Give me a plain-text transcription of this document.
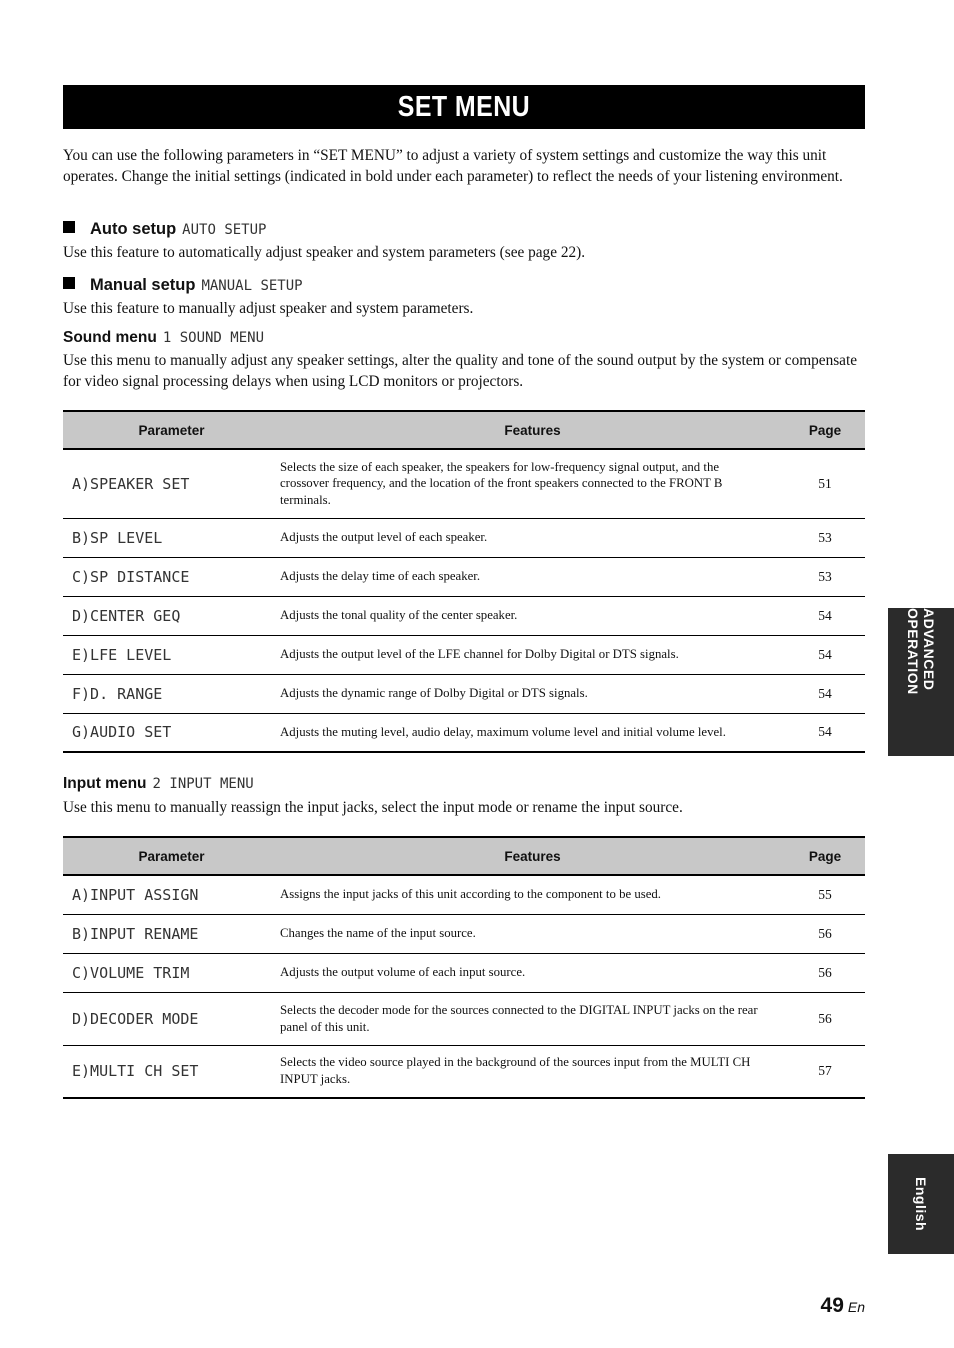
SET MENU

You can use the following parameters in “SET MENU” to adjust a variety of system settings and customize the way this unit operates. Change the initial settings (indicated in bold under each parameter) to reflect the needs of your listening environment.

Auto setup AUTO SETUP

Use this feature to automatically adjust speaker and system parameters (see page 22).

Manual setup MANUAL SETUP

Use this feature to manually adjust speaker and system parameters.

Sound menu 1 SOUND MENU

Use this menu to manually adjust any speaker settings, alter the quality and tone of the sound output by the system or compensate for video signal processing delays when using LCD monitors or projectors.

Parameter	Features	Page
A)SPEAKER SET	Selects the size of each speaker, the speakers for low-frequency signal output, and the crossover frequency, and the location of the front speakers connected to the FRONT B terminals.	51
B)SP LEVEL	Adjusts the output level of each speaker.	53
C)SP DISTANCE	Adjusts the delay time of each speaker.	53
D)CENTER GEQ	Adjusts the tonal quality of the center speaker.	54
E)LFE LEVEL	Adjusts the output level of the LFE channel for Dolby Digital or DTS signals.	54
F)D. RANGE	Adjusts the dynamic range of Dolby Digital or DTS signals.	54
G)AUDIO SET	Adjusts the muting level, audio delay, maximum volume level and initial volume level.	54
Input menu 2 INPUT MENU

Use this menu to manually reassign the input jacks, select the input mode or rename the input source.

Parameter	Features	Page
A)INPUT ASSIGN	Assigns the input jacks of this unit according to the component to be used.	55
B)INPUT RENAME	Changes the name of the input source.	56
C)VOLUME TRIM	Adjusts the output volume of each input source.	56
D)DECODER MODE	Selects the decoder mode for the sources connected to the DIGITAL INPUT jacks on the rear panel of this unit.	56
E)MULTI CH SET	Selects the video source played in the background of the sources input from the MULTI CH INPUT jacks.	57
ADVANCED OPERATION
English
49 En
